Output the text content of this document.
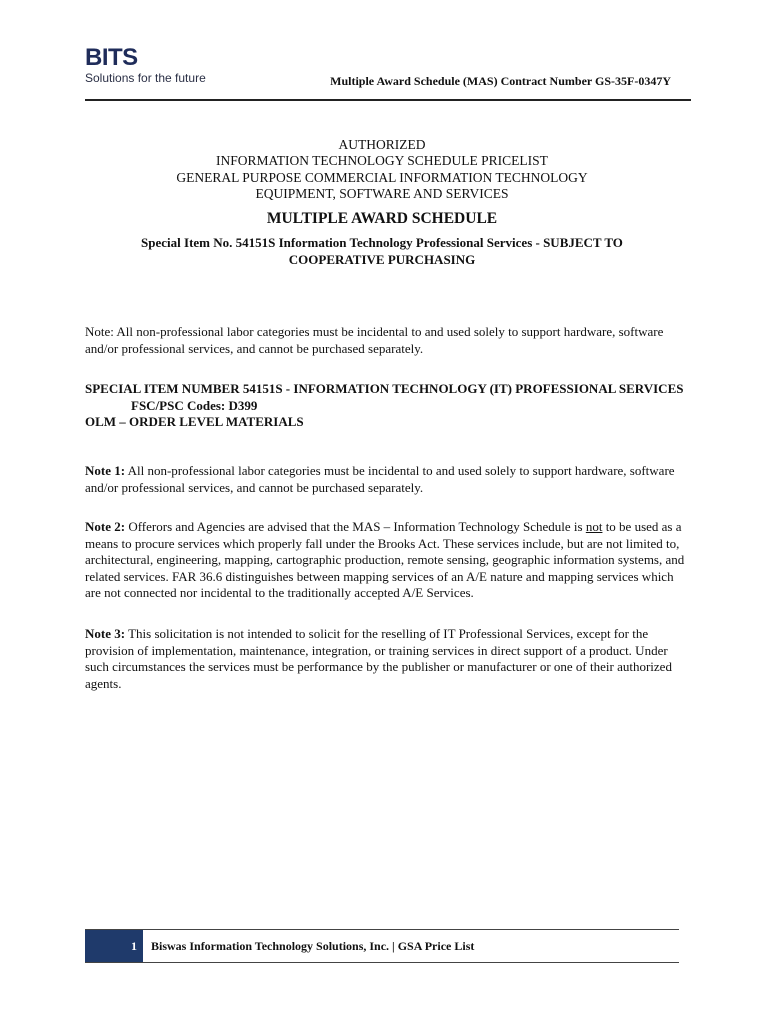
BITS
Solutions for the future	Multiple Award Schedule (MAS) Contract Number GS-35F-0347Y
AUTHORIZED
INFORMATION TECHNOLOGY SCHEDULE PRICELIST
GENERAL PURPOSE COMMERCIAL INFORMATION TECHNOLOGY
EQUIPMENT, SOFTWARE AND SERVICES
MULTIPLE AWARD SCHEDULE
Special Item No. 54151S Information Technology Professional Services - SUBJECT TO
COOPERATIVE PURCHASING
Note: All non-professional labor categories must be incidental to and used solely to support hardware, software and/or professional services, and cannot be purchased separately.
SPECIAL ITEM NUMBER 54151S - INFORMATION TECHNOLOGY (IT) PROFESSIONAL SERVICES
FSC/PSC Codes: D399
OLM – ORDER LEVEL MATERIALS
Note 1: All non-professional labor categories must be incidental to and used solely to support hardware, software and/or professional services, and cannot be purchased separately.
Note 2: Offerors and Agencies are advised that the MAS – Information Technology Schedule is not to be used as a means to procure services which properly fall under the Brooks Act. These services include, but are not limited to, architectural, engineering, mapping, cartographic production, remote sensing, geographic information systems, and related services. FAR 36.6 distinguishes between mapping services of an A/E nature and mapping services which are not connected nor incidental to the traditionally accepted A/E Services.
Note 3: This solicitation is not intended to solicit for the reselling of IT Professional Services, except for the provision of implementation, maintenance, integration, or training services in direct support of a product. Under such circumstances the services must be performance by the publisher or manufacturer or one of their authorized agents.
1	Biswas Information Technology Solutions, Inc. | GSA Price List
